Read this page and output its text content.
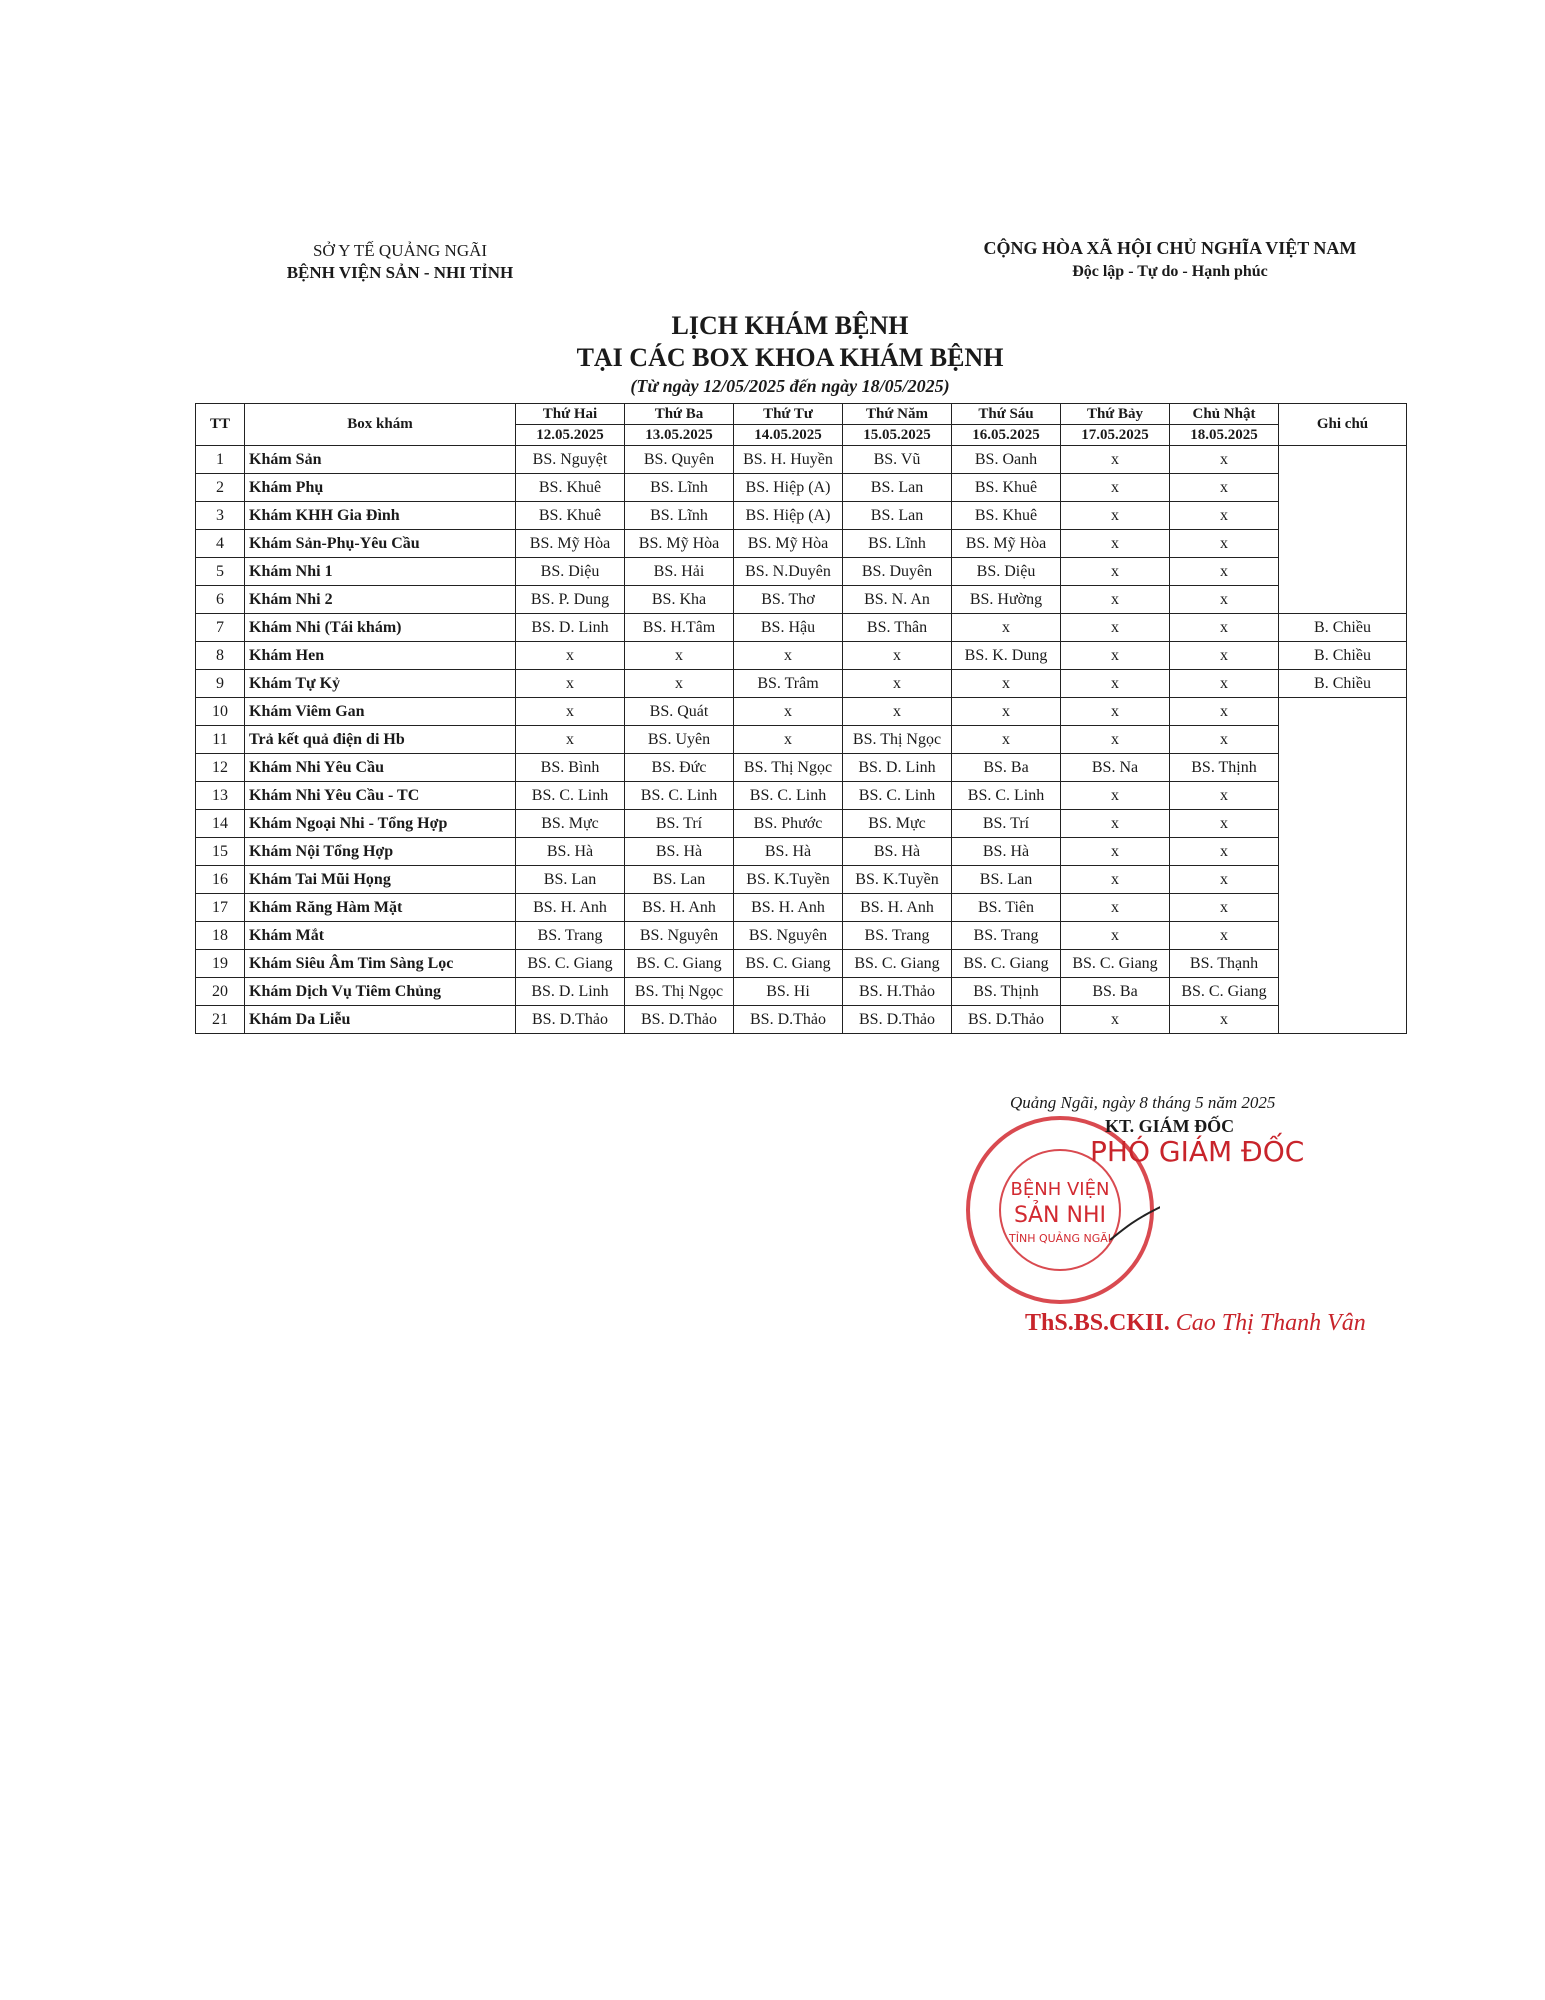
SỞ Y TẾ QUẢNG NGÃI
BỆNH VIỆN SẢN - NHI TỈNH
CỘNG HÒA XÃ HỘI CHỦ NGHĨA VIỆT NAM
Độc lập - Tự do - Hạnh phúc
LỊCH KHÁM BỆNH
TẠI CÁC BOX KHOA KHÁM BỆNH
(Từ ngày 12/05/2025 đến ngày 18/05/2025)
TT	Box khám	Thứ Hai	Thứ Ba	Thứ Tư	Thứ Năm	Thứ Sáu	Thứ Bảy	Chủ Nhật	Ghi chú
		12.05.2025	13.05.2025	14.05.2025	15.05.2025	16.05.2025	17.05.2025	18.05.2025	
1	Khám Sản	BS. Nguyệt	BS. Quyên	BS. H. Huyền	BS. Vũ	BS. Oanh	x	x	
2	Khám Phụ	BS. Khuê	BS. Lĩnh	BS. Hiệp (A)	BS. Lan	BS. Khuê	x	x	
3	Khám KHH Gia Đình	BS. Khuê	BS. Lĩnh	BS. Hiệp (A)	BS. Lan	BS. Khuê	x	x	
4	Khám Sản-Phụ-Yêu Cầu	BS. Mỹ Hòa	BS. Mỹ Hòa	BS. Mỹ Hòa	BS. Lĩnh	BS. Mỹ Hòa	x	x	
5	Khám Nhi 1	BS. Diệu	BS. Hải	BS. N.Duyên	BS. Duyên	BS. Diệu	x	x	
6	Khám Nhi 2	BS. P. Dung	BS. Kha	BS. Thơ	BS. N. An	BS. Hường	x	x	
7	Khám Nhi (Tái khám)	BS. D. Linh	BS. H.Tâm	BS. Hậu	BS. Thân	x	x	x	B. Chiều
8	Khám Hen	x	x	x	x	BS. K. Dung	x	x	B. Chiều
9	Khám Tự Kỷ	x	x	BS. Trâm	x	x	x	x	B. Chiều
10	Khám Viêm Gan	x	BS. Quát	x	x	x	x	x	
11	Trả kết quả điện di Hb	x	BS. Uyên	x	BS. Thị Ngọc	x	x	x	
12	Khám Nhi Yêu Cầu	BS. Bình	BS. Đức	BS. Thị Ngọc	BS. D. Linh	BS. Ba	BS. Na	BS. Thịnh	
13	Khám Nhi Yêu Cầu - TC	BS. C. Linh	BS. C. Linh	BS. C. Linh	BS. C. Linh	BS. C. Linh	x	x	
14	Khám Ngoại Nhi - Tổng Hợp	BS. Mực	BS. Trí	BS. Phước	BS. Mực	BS. Trí	x	x	
15	Khám Nội Tổng Hợp	BS. Hà	BS. Hà	BS. Hà	BS. Hà	BS. Hà	x	x	
16	Khám Tai Mũi Họng	BS. Lan	BS. Lan	BS. K.Tuyền	BS. K.Tuyền	BS. Lan	x	x	
17	Khám Răng Hàm Mặt	BS. H. Anh	BS. H. Anh	BS. H. Anh	BS. H. Anh	BS. Tiên	x	x	
18	Khám Mắt	BS. Trang	BS. Nguyên	BS. Nguyên	BS. Trang	BS. Trang	x	x	
19	Khám Siêu Âm Tim Sàng Lọc	BS. C. Giang	BS. C. Giang	BS. C. Giang	BS. C. Giang	BS. C. Giang	BS. C. Giang	BS. Thạnh	
20	Khám Dịch Vụ Tiêm Chủng	BS. D. Linh	BS. Thị Ngọc	BS. Hi	BS. H.Thảo	BS. Thịnh	BS. Ba	BS. C. Giang	
21	Khám Da Liễu	BS. D.Thảo	BS. D.Thảo	BS. D.Thảo	BS. D.Thảo	BS. D.Thảo	x	x	
Quảng Ngãi, ngày 8 tháng 5 năm 2025
BỆNH VIỆN
SẢN NHI
TỈNH QUẢNG NGÃI
KT. GIÁM ĐỐC
PHÓ GIÁM ĐỐC
ThS.BS.CKII. Cao Thị Thanh Vân
